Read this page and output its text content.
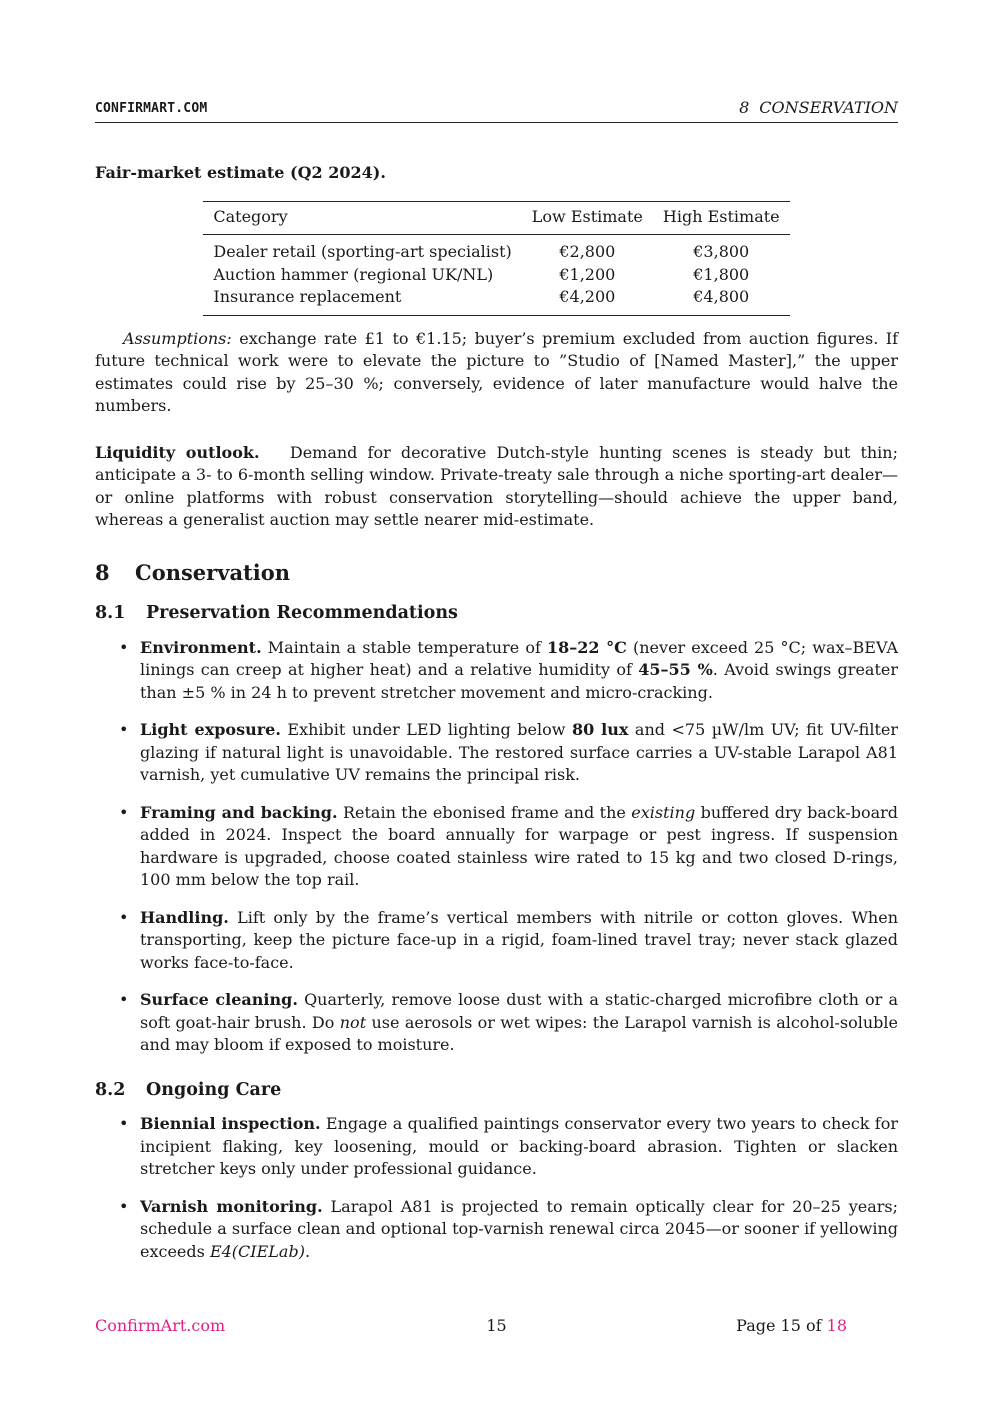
CONFIRMART.COM	8 CONSERVATION
Fair-market estimate (Q2 2024).
Category	Low Estimate	High Estimate
Dealer retail (sporting-art specialist)	€2,800	€3,800
Auction hammer (regional UK/NL)	€1,200	€1,800
Insurance replacement	€4,200	€4,800

Assumptions: exchange rate £1 to €1.15; buyer’s premium excluded from auction figures. If future technical work were to elevate the picture to ”Studio of [Named Master],” the upper estimates could rise by 25–30 %; conversely, evidence of later manufacture would halve the numbers.

Liquidity outlook. Demand for decorative Dutch-style hunting scenes is steady but thin; anticipate a 3- to 6-month selling window. Private-treaty sale through a niche sporting-art dealer—or online platforms with robust conservation storytelling—should achieve the upper band, whereas a generalist auction may settle nearer mid-estimate.

8 Conservation
8.1 Preservation Recommendations
• Environment. Maintain a stable temperature of 18–22 °C (never exceed 25 °C; wax–BEVA linings can creep at higher heat) and a relative humidity of 45–55 %. Avoid swings greater than ±5 % in 24 h to prevent stretcher movement and micro-cracking.
• Light exposure. Exhibit under LED lighting below 80 lux and <75 µW/lm UV; fit UV-filter glazing if natural light is unavoidable. The restored surface carries a UV-stable Larapol A81 varnish, yet cumulative UV remains the principal risk.
• Framing and backing. Retain the ebonised frame and the existing buffered dry back-board added in 2024. Inspect the board annually for warpage or pest ingress. If suspension hardware is upgraded, choose coated stainless wire rated to 15 kg and two closed D-rings, 100 mm below the top rail.
• Handling. Lift only by the frame’s vertical members with nitrile or cotton gloves. When transporting, keep the picture face-up in a rigid, foam-lined travel tray; never stack glazed works face-to-face.
• Surface cleaning. Quarterly, remove loose dust with a static-charged microfibre cloth or a soft goat-hair brush. Do not use aerosols or wet wipes: the Larapol varnish is alcohol-soluble and may bloom if exposed to moisture.
8.2 Ongoing Care
• Biennial inspection. Engage a qualified paintings conservator every two years to check for incipient flaking, key loosening, mould or backing-board abrasion. Tighten or slacken stretcher keys only under professional guidance.
• Varnish monitoring. Larapol A81 is projected to remain optically clear for 20–25 years; schedule a surface clean and optional top-varnish renewal circa 2045—or sooner if yellowing exceeds E4(CIELab).
ConfirmArt.com	15	Page 15 of 18
